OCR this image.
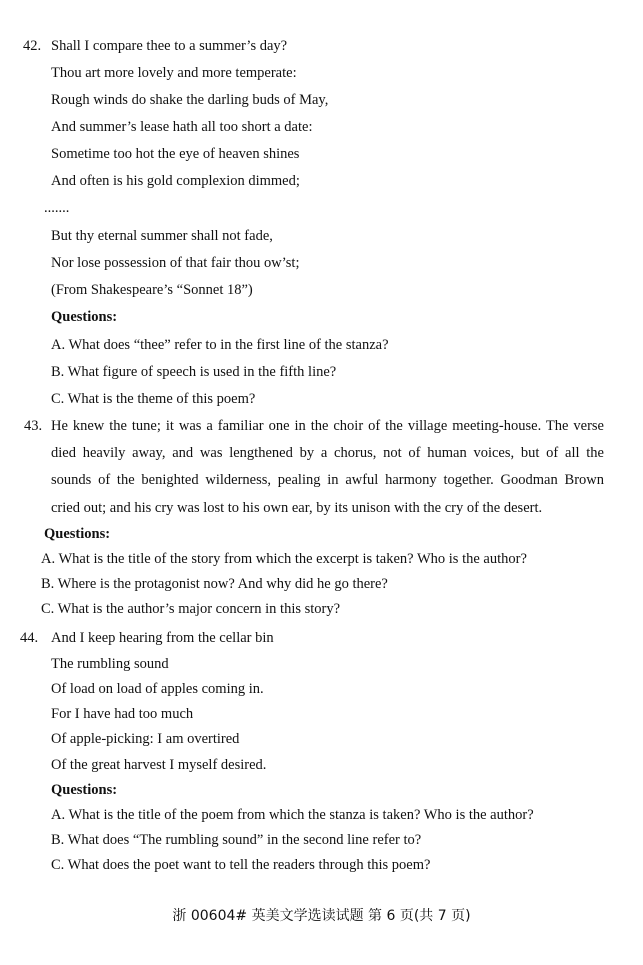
42. Shall I compare thee to a summer’s day?
Thou art more lovely and more temperate:
Rough winds do shake the darling buds of May,
And summer’s lease hath all too short a date:
Sometime too hot the eye of heaven shines
And often is his gold complexion dimmed;
.......
But thy eternal summer shall not fade,
Nor lose possession of that fair thou ow’st;
(From Shakespeare’s “Sonnet 18”)
Questions:
A. What does “thee” refer to in the first line of the stanza?
B. What figure of speech is used in the fifth line?
C. What is the theme of this poem?
43. He knew the tune; it was a familiar one in the choir of the village meeting-house. The verse
died heavily away, and was lengthened by a chorus, not of human voices, but of all the
sounds of the benighted wilderness, pealing in awful harmony together. Goodman Brown
cried out; and his cry was lost to his own ear, by its unison with the cry of the desert.
Questions:
A. What is the title of the story from which the excerpt is taken? Who is the author?
B. Where is the protagonist now? And why did he go there?
C. What is the author’s major concern in this story?
44. And I keep hearing from the cellar bin
The rumbling sound
Of load on load of apples coming in.
For I have had too much
Of apple-picking: I am overtired
Of the great harvest I myself desired.
Questions:
A. What is the title of the poem from which the stanza is taken? Who is the author?
B. What does “The rumbling sound” in the second line refer to?
C. What does the poet want to tell the readers through this poem?
浙 00604# 英美文学选读试题 第 6 页(共 7 页)
